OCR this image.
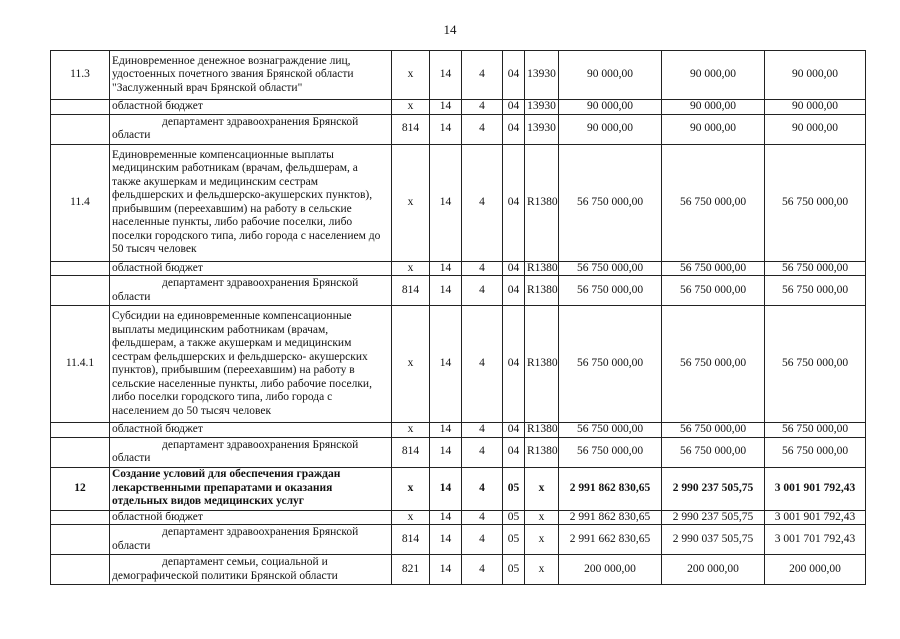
14
11.3	Единовременное денежное вознаграждение лиц, удостоенных почетного звания Брянской области "Заслуженный врач Брянской области"	х	14	4	04	13930	90 000,00	90 000,00	90 000,00
	областной бюджет	х	14	4	04	13930	90 000,00	90 000,00	90 000,00
	департамент здравоохранения Брянской области	814	14	4	04	13930	90 000,00	90 000,00	90 000,00
11.4	Единовременные компенсационные выплаты медицинским работникам (врачам, фельдшерам, а также акушеркам и медицинским сестрам фельдшерских и фельдшерско-акушерских пунктов), прибывшим (переехавшим) на работу в сельские населенные пункты, либо рабочие поселки, либо поселки городского типа, либо города с населением до 50 тысяч человек	х	14	4	04	R1380	56 750 000,00	56 750 000,00	56 750 000,00
	областной бюджет	х	14	4	04	R1380	56 750 000,00	56 750 000,00	56 750 000,00
	департамент здравоохранения Брянской области	814	14	4	04	R1380	56 750 000,00	56 750 000,00	56 750 000,00
11.4.1	Субсидии на единовременные компенсационные выплаты медицинским работникам (врачам, фельдшерам, а также акушеркам и медицинским сестрам фельдшерских и фельдшерско- акушерских пунктов), прибывшим (переехавшим) на работу в сельские населенные пункты, либо рабочие поселки, либо поселки городского типа, либо города с населением до 50 тысяч человек	х	14	4	04	R1380	56 750 000,00	56 750 000,00	56 750 000,00
	областной бюджет	х	14	4	04	R1380	56 750 000,00	56 750 000,00	56 750 000,00
	департамент здравоохранения Брянской области	814	14	4	04	R1380	56 750 000,00	56 750 000,00	56 750 000,00
12	Создание условий для обеспечения граждан лекарственными препаратами и оказания отдельных видов медицинских услуг	х	14	4	05	х	2 991 862 830,65	2 990 237 505,75	3 001 901 792,43
	областной бюджет	х	14	4	05	х	2 991 862 830,65	2 990 237 505,75	3 001 901 792,43
	департамент здравоохранения Брянской области	814	14	4	05	х	2 991 662 830,65	2 990 037 505,75	3 001 701 792,43
	департамент семьи, социальной и демографической политики Брянской области	821	14	4	05	х	200 000,00	200 000,00	200 000,00
